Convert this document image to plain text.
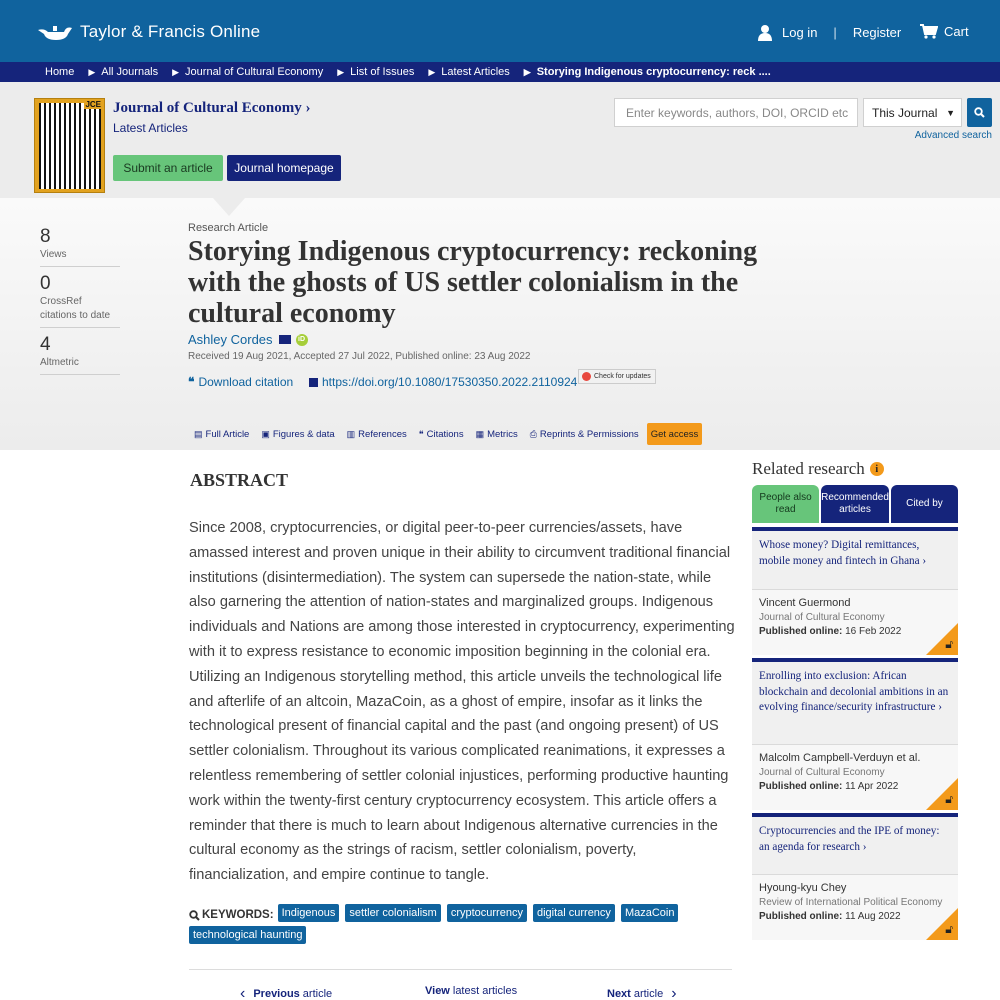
Taylor & Francis Online	Log in | Register	Cart
Home ▶ All Journals ▶ Journal of Cultural Economy ▶ List of Issues ▶ Latest Articles ▶ Storying Indigenous cryptocurrency: reck ....
JCE Journal of Cultural Economy ›
Latest Articles
Submit an article	Journal homepage
Enter keywords, authors, DOI, ORCID etc	This Journal ▼
Advanced search
8
Views
0
CrossRef citations to date
4
Altmetric
Research Article
Storying Indigenous cryptocurrency: reckoning with the ghosts of US settler colonialism in the cultural economy
Ashley Cordes	iD
Received 19 Aug 2021, Accepted 27 Jul 2022, Published online: 23 Aug 2022
❝ Download citation https://doi.org/10.1080/17530350.2022.2110924 Check for updates
▤ Full Article ▣ Figures & data ▥ References ❝ Citations ▦ Metrics ⎙ Reprints & Permissions	Get access
ABSTRACT

Since 2008, cryptocurrencies, or digital peer-to-peer currencies/assets, have amassed interest and proven unique in their ability to circumvent traditional financial institutions (disintermediation). The system can supersede the nation-state, while also garnering the attention of nation-states and marginalized groups. Indigenous individuals and Nations are among those interested in cryptocurrency, experimenting with it to express resistance to economic imposition beginning in the colonial era. Utilizing an Indigenous storytelling method, this article unveils the technological life and afterlife of an altcoin, MazaCoin, as a ghost of empire, insofar as it links the technological present of financial capital and the past (and ongoing present) of US settler colonialism. Throughout its various complicated reanimations, it expresses a relentless remembering of settler colonial injustices, performing productive haunting work within the twenty-first century cryptocurrency ecosystem. This article offers a reminder that there is much to learn about Indigenous alternative currencies in the cultural economy as the strings of racism, settler colonialism, poverty, financialization, and empire continue to tangle.

KEYWORDS: Indigenous	settler colonialism	cryptocurrency	digital currency	MazaCoin
technological haunting
‹ Previous article	View latest articles	Next article ›
Related research	i
People also read
Recommended articles
Cited by
Whose money? Digital remittances, mobile money and fintech in Ghana ›
Vincent Guermond
Journal of Cultural Economy
Published online: 16 Feb 2022
🔓︎
Enrolling into exclusion: African blockchain and decolonial ambitions in an evolving finance/security infrastructure ›
Malcolm Campbell-Verduyn et al.
Journal of Cultural Economy
Published online: 11 Apr 2022
🔓︎
Cryptocurrencies and the IPE of money: an agenda for research ›
Hyoung-kyu Chey
Review of International Political Economy
Published online: 11 Aug 2022
🔓︎
